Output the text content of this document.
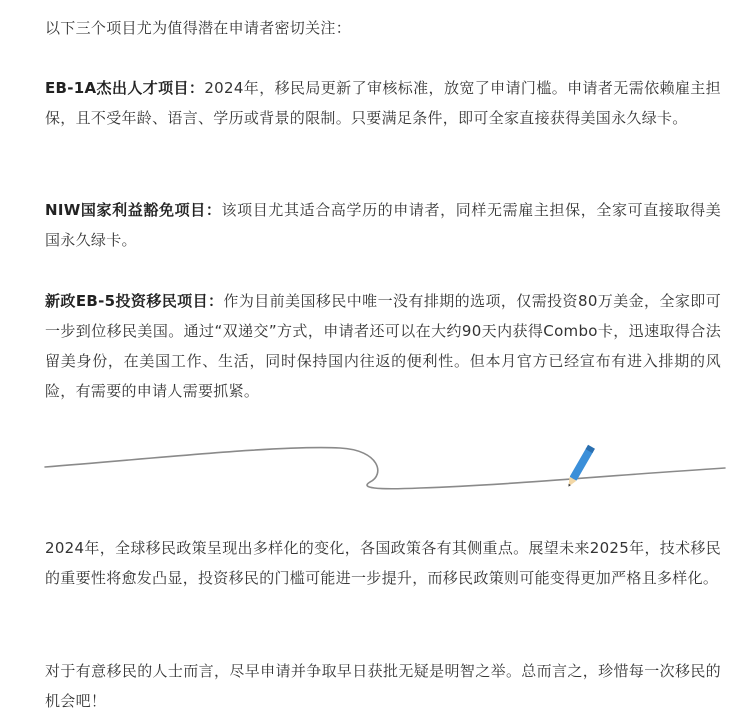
以下三个项目尤为值得潜在申请者密切关注：

EB-1A杰出人才项目：2024年，移民局更新了审核标准，放宽了申请门槛。申请者无需依赖雇主担保，且不受年龄、语言、学历或背景的限制。只要满足条件，即可全家直接获得美国永久绿卡。

NIW国家利益豁免项目：该项目尤其适合高学历的申请者，同样无需雇主担保，全家可直接取得美国永久绿卡。

新政EB-5投资移民项目：作为目前美国移民中唯一没有排期的选项，仅需投资80万美金，全家即可一步到位移民美国。通过“双递交”方式，申请者还可以在大约90天内获得Combo卡，迅速取得合法留美身份，在美国工作、生活，同时保持国内往返的便利性。但本月官方已经宣布有进入排期的风险，有需要的申请人需要抓紧。

2024年，全球移民政策呈现出多样化的变化，各国政策各有其侧重点。展望未来2025年，技术移民的重要性将愈发凸显，投资移民的门槛可能进一步提升，而移民政策则可能变得更加严格且多样化。

对于有意移民的人士而言，尽早申请并争取早日获批无疑是明智之举。总而言之，珍惜每一次移民的机会吧！
